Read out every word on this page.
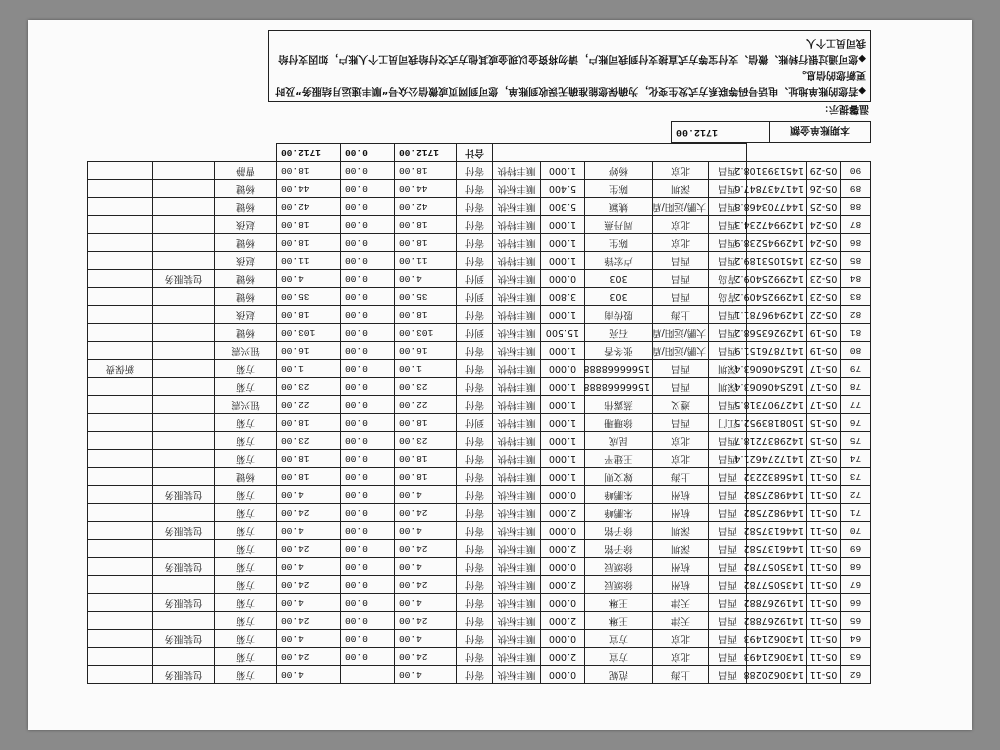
62	05-11	1430620288	西昌	上海	范妮	0.000	顺丰标快	寄付	4.00		4.00	方菊	包装服务	
63	05-11	1430621493	西昌	北京	方宣	2.000	顺丰标快	寄付	24.00	0.00	24.00	方菊		
64	05-11	1430621493	西昌	北京	方宣	0.000	顺丰标快	寄付	4.00	0.00	4.00	方菊	包装服务	
65	05-11	1419267882	西昌	天津	王琳	2.000	顺丰标快	寄付	24.00	0.00	24.00	方菊		
66	05-11	1419267882	西昌	天津	王琳	0.000	顺丰标快	寄付	4.00	0.00	4.00	方菊	包装服务	
67	05-11	1435057782	西昌	杭州	徐颂辰	2.000	顺丰标快	寄付	24.00	0.00	24.00	方菊		
68	05-11	1435057782	西昌	杭州	徐颂辰	0.000	顺丰标快	寄付	4.00	0.00	4.00	方菊	包装服务	
69	05-11	1446137582	西昌	深圳	徐子铭	2.000	顺丰标快	寄付	24.00	0.00	24.00	方菊		
70	05-11	1446137582	西昌	深圳	徐子铭	0.000	顺丰标快	寄付	4.00	0.00	4.00	方菊	包装服务	
71	05-11	1449827582	西昌	杭州	朱鹏峰	2.000	顺丰标快	寄付	24.00	0.00	24.00	方菊		
72	05-11	1449827582	西昌	杭州	朱鹏峰	0.000	顺丰标快	寄付	4.00	0.00	4.00	方菊	包装服务	
73	05-11	1456832232	西昌	上海	嫁文则	1.000	顺丰特快	寄付	18.00	0.00	18.00	杨键		
74	05-12	1417274621.4	西昌	北京	王建平	1.000	顺丰特快	寄付	18.00	0.00	18.00	方菊		
75	05-15	1429837218.7	西昌	北京	昆成	1.000	顺丰特快	寄付	23.00	0.00	23.00	方菊		
76	05-15	1508183952.5	江门	西昌	徐珊珊	1.000	顺丰特快	到付	18.00	0.00	18.00	方菊		
77	05-17	1427907318.5	西昌	遵义	蒸露伟	1.000	顺丰特快	寄付	22.00	0.00	22.00	钮兴震		
78	05-17	1625406063.4	深圳	西昌	15666668888	1.000	顺丰特快	寄付	23.00	0.00	23.00	方菊		
79	05-17	1625406063.4	深圳	西昌	15666668888	0.000	顺丰特快	寄付	1.00	0.00	1.00	方菊		新保费
80	05-19	1417876151.9	西昌	大鹏/远阳/盾	张冬香	1.000	顺丰标快	寄付	16.00	0.00	16.00	钮兴震		
81	05-19	1429263568.2	西昌	大鹏/远阳/盾	石亮	15.500	顺丰标快	到付	103.00	0.00	103.00	杨键		
82	05-22	1429496781.1	西昌	上海	殷传南	1.000	顺丰特快	寄付	18.00	0.00	18.00	赵孩		
83	05-23	1429925409.2	青岛	西昌	303	3.800	顺丰标快	到付	35.00	0.00	35.00	杨键		
84	05-23	1429925409.2	青岛	西昌	303	0.000	顺丰标快	到付	4.00	0.00	4.00	杨键	包装服务	
85	05-23	1451053189.2	西昌	西昌	卢宏锋	1.000	顺丰特快	寄付	11.00	0.00	11.00	赵孩		
86	05-24	1429945238.9	西昌	北京	陈生	1.000	顺丰特快	寄付	18.00	0.00	18.00	杨键		
87	05-24	1429947234.3	西昌	北京	周丹燕	1.000	顺丰特快	寄付	18.00	0.00	18.00	赵孩		
88	05-25	1447703468.8	西昌	大鹏/远阳/盾	姚颖	5.300	顺丰标快	寄付	42.00	0.00	42.00	杨键		
89	05-26	1417437847.6	西昌	深圳	陈生	5.400	顺丰标快	寄付	44.00	0.00	44.00	杨键		
90	05-29	1451393108.2	西昌	北京	杨婷	1.000	顺丰特快	寄付	18.00	0.00	18.00	曹静		
								合计	1712.00	0.00	1712.00			
本期账单金额	1712.00	
温馨提示：
◆若您的账单地址、电话号码等联系方式发生变化，为确保您能准确无误收到账单，您可到网页或微信公众号“顺丰速运月结服务”及时更新您的信息。
◆您可通过银行转账、微信、支付宝等方式直接支付到我司账户，请勿将资金以现金或其他方式交付给我司员工个人账户，如因支付给我司员工个人
